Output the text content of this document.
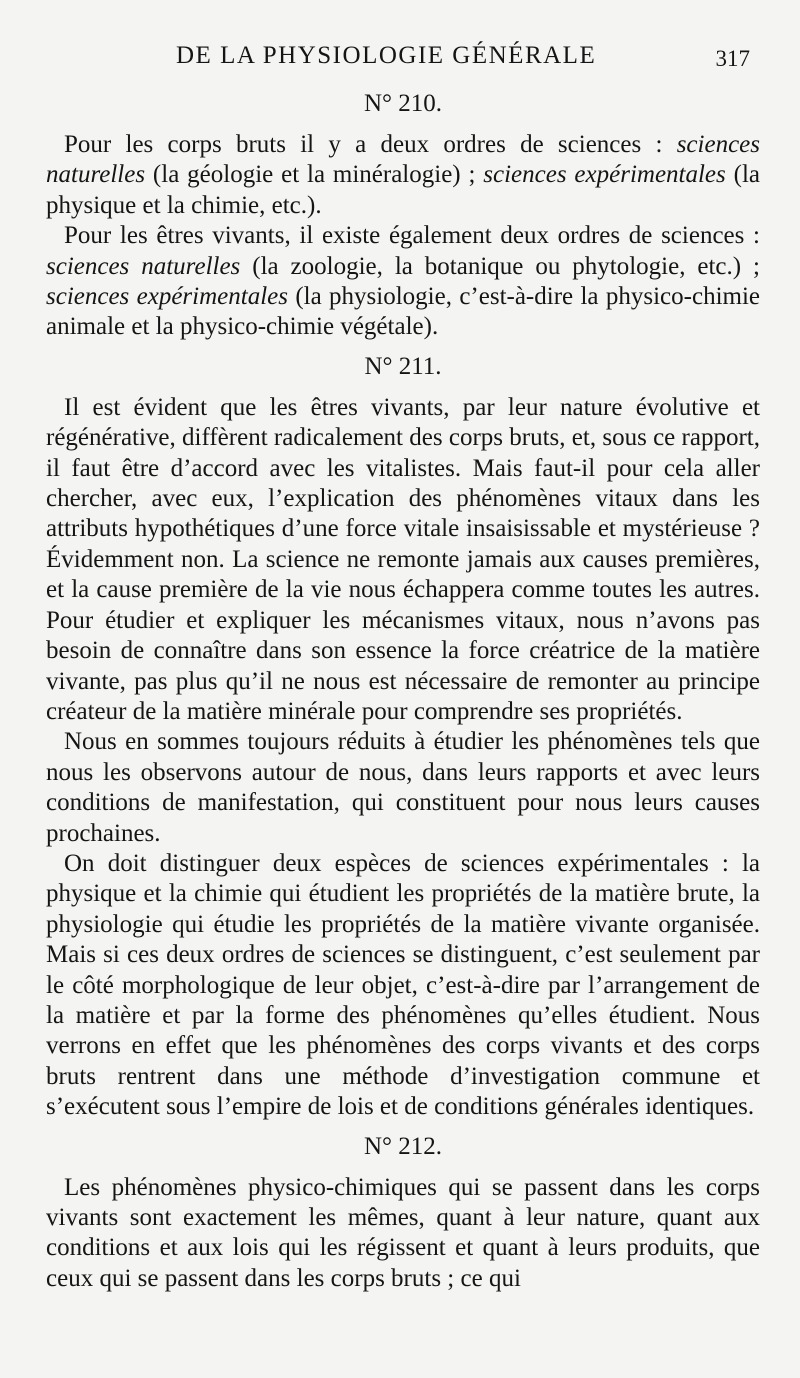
DE LA PHYSIOLOGIE GÉNÉRALE	317
N° 210.

Pour les corps bruts il y a deux ordres de sciences : sciences naturelles (la géologie et la minéralogie) ; sciences expérimentales (la physique et la chimie, etc.).

Pour les êtres vivants, il existe également deux ordres de sciences : sciences naturelles (la zoologie, la botanique ou phytologie, etc.) ; sciences expérimentales (la physiologie, c’est-à-dire la physico-chimie animale et la physico-chimie végétale).

N° 211.

Il est évident que les êtres vivants, par leur nature évolutive et régénérative, diffèrent radicalement des corps bruts, et, sous ce rapport, il faut être d’accord avec les vitalistes. Mais faut-il pour cela aller chercher, avec eux, l’explication des phénomènes vitaux dans les attributs hypothétiques d’une force vitale insaisissable et mystérieuse ? Évidemment non. La science ne remonte jamais aux causes premières, et la cause première de la vie nous échappera comme toutes les autres. Pour étudier et expliquer les mécanismes vitaux, nous n’avons pas besoin de connaître dans son essence la force créatrice de la matière vivante, pas plus qu’il ne nous est nécessaire de remonter au principe créateur de la matière minérale pour comprendre ses propriétés.

Nous en sommes toujours réduits à étudier les phénomènes tels que nous les observons autour de nous, dans leurs rapports et avec leurs conditions de manifestation, qui constituent pour nous leurs causes prochaines.

On doit distinguer deux espèces de sciences expérimentales : la physique et la chimie qui étudient les propriétés de la matière brute, la physiologie qui étudie les propriétés de la matière vivante organisée. Mais si ces deux ordres de sciences se distinguent, c’est seulement par le côté morphologique de leur objet, c’est-à-dire par l’arrangement de la matière et par la forme des phénomènes qu’elles étudient. Nous verrons en effet que les phénomènes des corps vivants et des corps bruts rentrent dans une méthode d’investigation commune et s’exécutent sous l’empire de lois et de conditions générales identiques.

N° 212.

Les phénomènes physico-chimiques qui se passent dans les corps vivants sont exactement les mêmes, quant à leur nature, quant aux conditions et aux lois qui les régissent et quant à leurs produits, que ceux qui se passent dans les corps bruts ; ce qui
